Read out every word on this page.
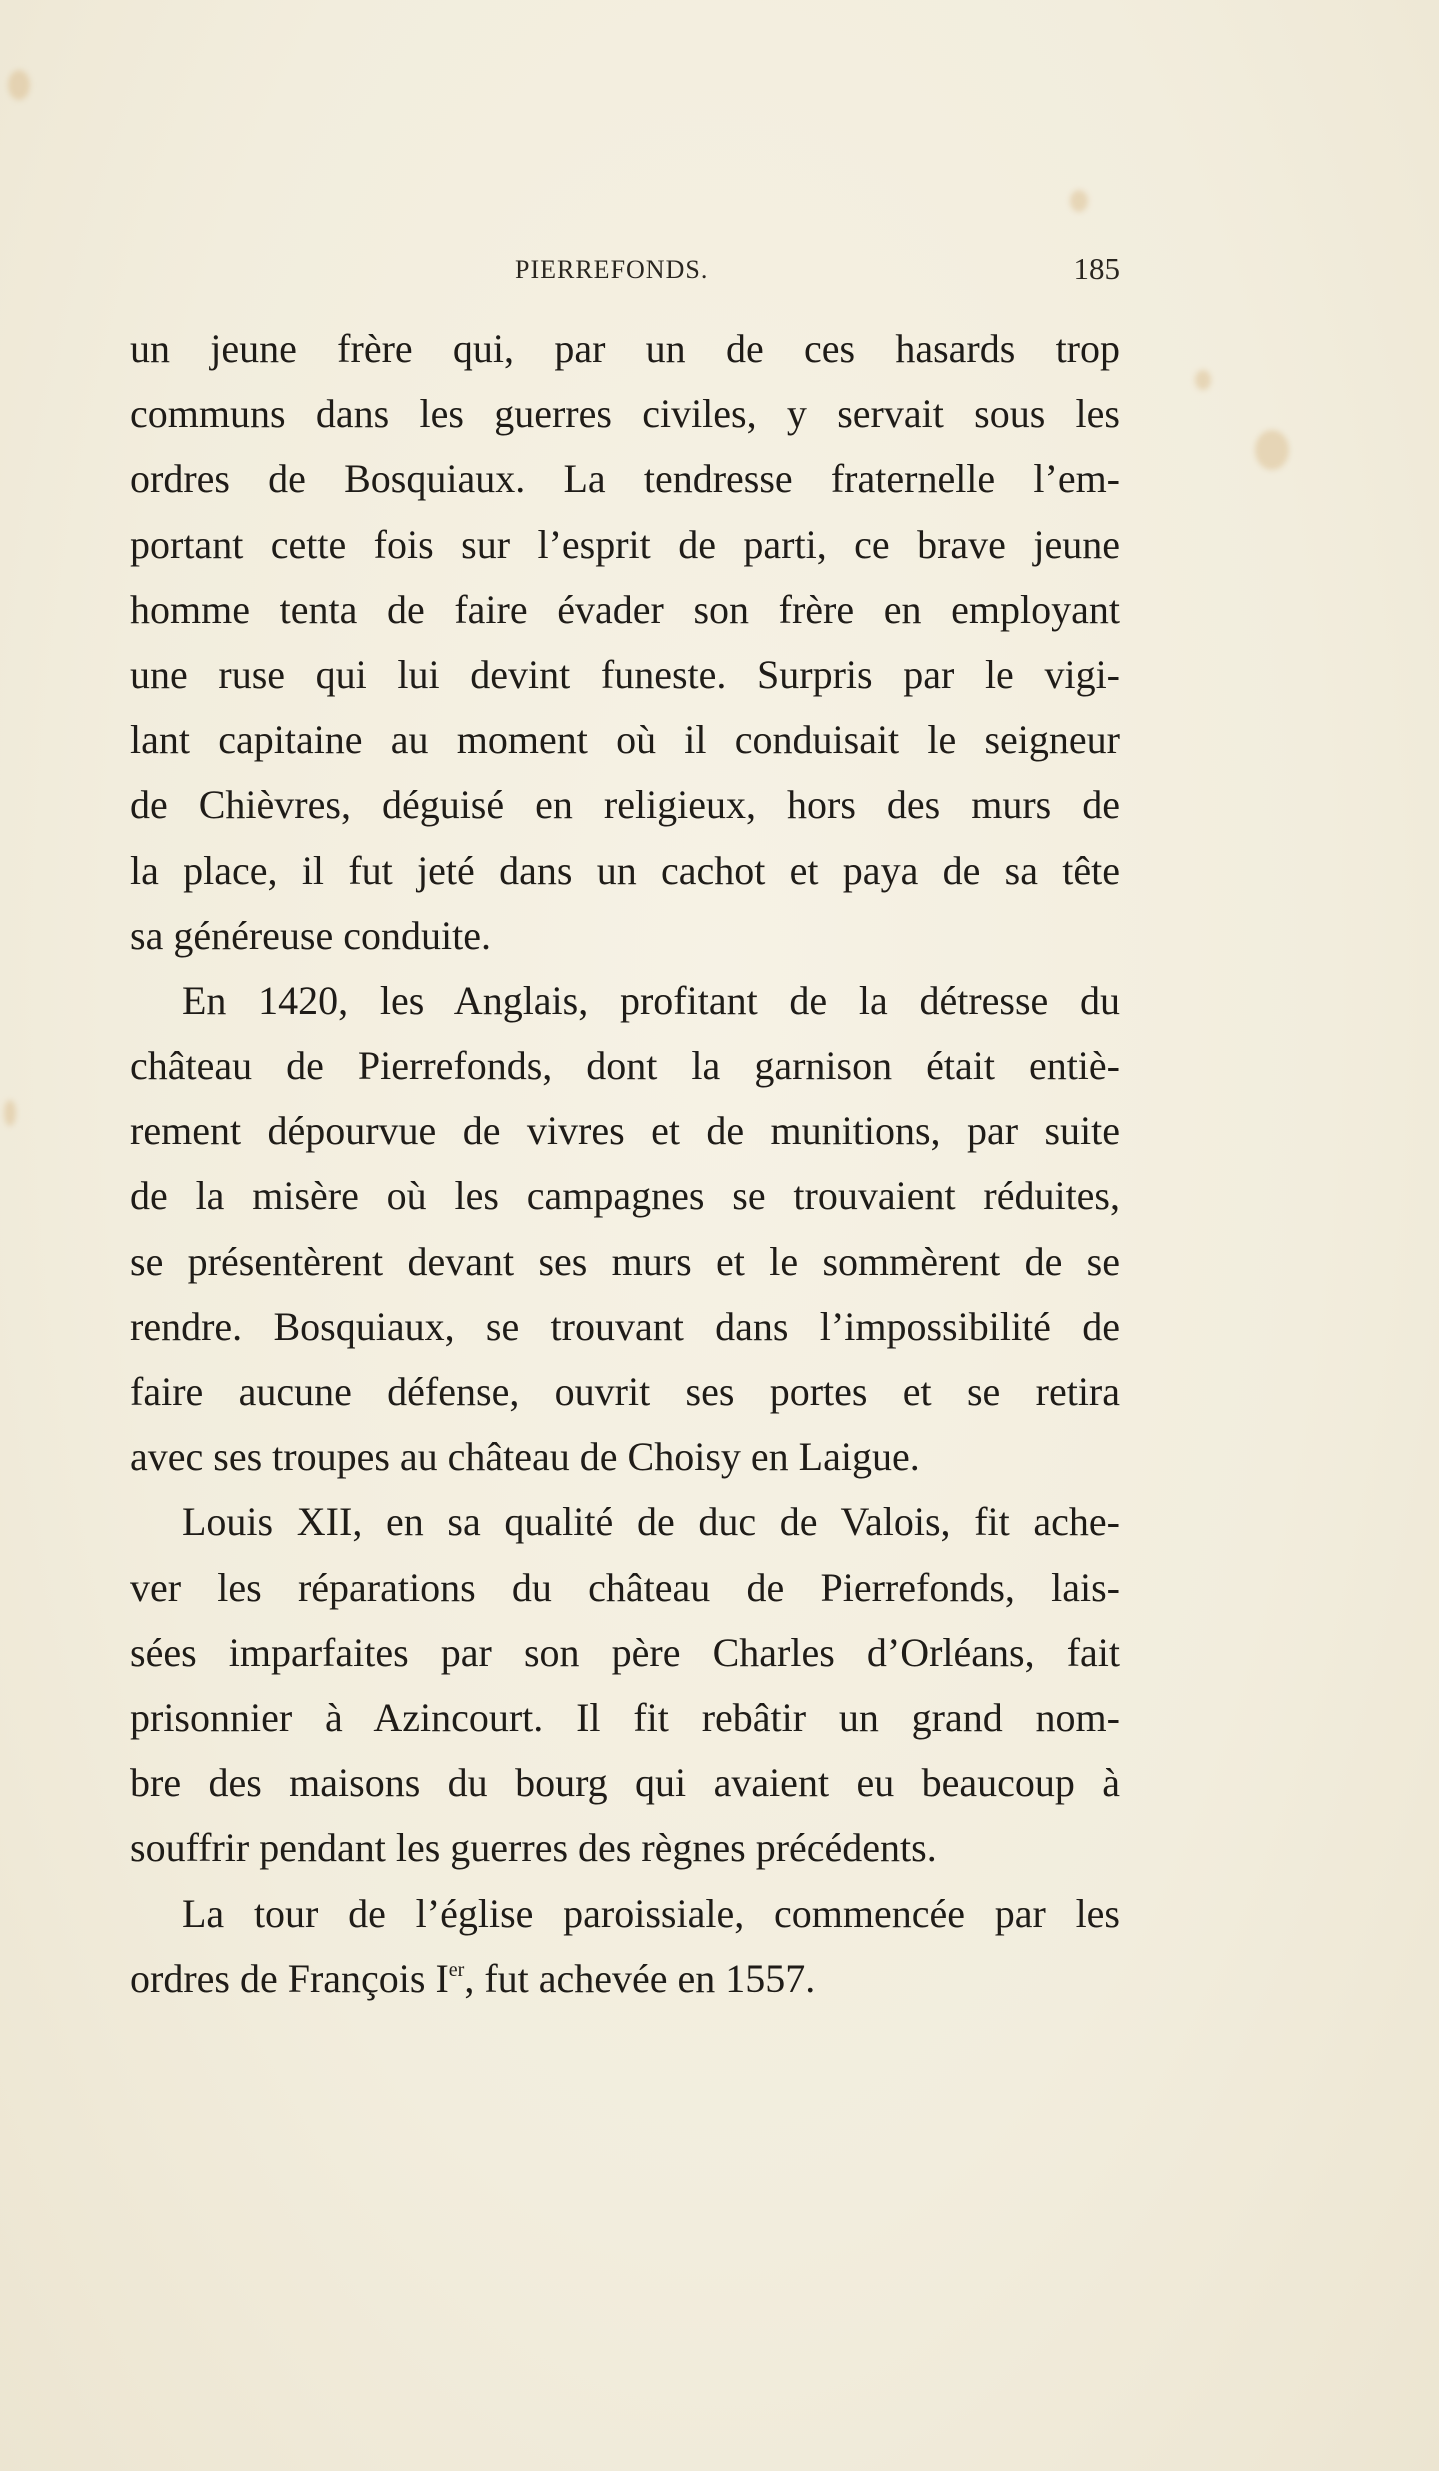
PIERREFONDS.	185
un jeune frère qui, par un de ces hasards trop
communs dans les guerres civiles, y servait sous les
ordres de Bosquiaux. La tendresse fraternelle l’em-
portant cette fois sur l’esprit de parti, ce brave jeune
homme tenta de faire évader son frère en employant
une ruse qui lui devint funeste. Surpris par le vigi-
lant capitaine au moment où il conduisait le seigneur
de Chièvres, déguisé en religieux, hors des murs de
la place, il fut jeté dans un cachot et paya de sa tête
sa généreuse conduite.
En 1420, les Anglais, profitant de la détresse du
château de Pierrefonds, dont la garnison était entiè-
rement dépourvue de vivres et de munitions, par suite
de la misère où les campagnes se trouvaient réduites,
se présentèrent devant ses murs et le sommèrent de se
rendre. Bosquiaux, se trouvant dans l’impossibilité de
faire aucune défense, ouvrit ses portes et se retira
avec ses troupes au château de Choisy en Laigue.
Louis XII, en sa qualité de duc de Valois, fit ache-
ver les réparations du château de Pierrefonds, lais-
sées imparfaites par son père Charles d’Orléans, fait
prisonnier à Azincourt. Il fit rebâtir un grand nom-
bre des maisons du bourg qui avaient eu beaucoup à
souffrir pendant les guerres des règnes précédents.
La tour de l’église paroissiale, commencée par les
ordres de François Ier, fut achevée en 1557.
